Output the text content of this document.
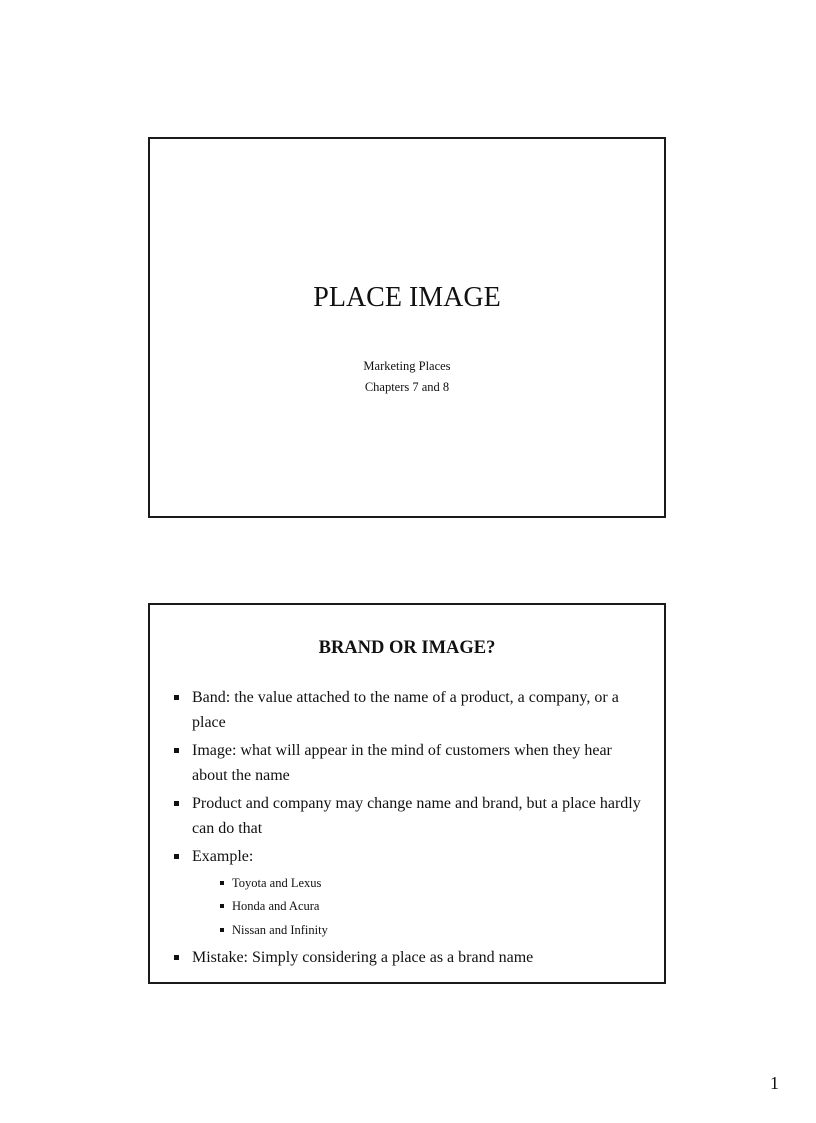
PLACE IMAGE
Marketing Places
Chapters 7 and 8
BRAND OR IMAGE?
Band: the value attached to the name of a product, a company, or a place
Image: what will appear in the mind of customers when they hear about the name
Product and company may change name and brand, but a place hardly can do that
Example:
Toyota and Lexus
Honda and Acura
Nissan and Infinity
Mistake: Simply considering a place as a brand name
1
